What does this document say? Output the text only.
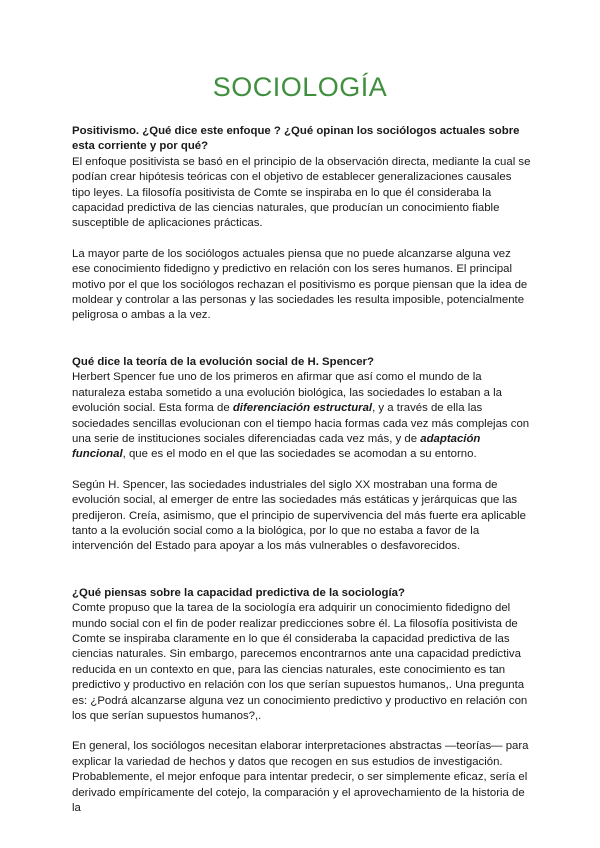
SOCIOLOGÍA

Positivismo. ¿Qué dice este enfoque ? ¿Qué opinan los sociólogos actuales sobre esta corriente y por qué?

El enfoque positivista se basó en el principio de la observación directa, mediante la cual se podían crear hipótesis teóricas con el objetivo de establecer generalizaciones causales tipo leyes. La filosofía positivista de Comte se inspiraba en lo que él consideraba la capacidad predictiva de las ciencias naturales, que producían un conocimiento fiable susceptible de aplicaciones prácticas.

La mayor parte de los sociólogos actuales piensa que no puede alcanzarse alguna vez ese conocimiento fidedigno y predictivo en relación con los seres humanos. El principal motivo por el que los sociólogos rechazan el positivismo es porque piensan que la idea de moldear y controlar a las personas y las sociedades les resulta imposible, potencialmente peligrosa o ambas a la vez.

Qué dice la teoría de la evolución social de H. Spencer?

Herbert Spencer fue uno de los primeros en afirmar que así como el mundo de la naturaleza estaba sometido a una evolución biológica, las sociedades lo estaban a la evolución social. Esta forma de diferenciación estructural, y a través de ella las sociedades sencillas evolucionan con el tiempo hacia formas cada vez más complejas con una serie de instituciones sociales diferenciadas cada vez más, y de adaptación funcional, que es el modo en el que las sociedades se acomodan a su entorno.

Según H. Spencer, las sociedades industriales del siglo XX mostraban una forma de evolución social, al emerger de entre las sociedades más estáticas y jerárquicas que las predijeron. Creía, asimismo, que el principio de supervivencia del más fuerte era aplicable tanto a la evolución social como a la biológica, por lo que no estaba a favor de la intervención del Estado para apoyar a los más vulnerables o desfavorecidos.

¿Qué piensas sobre la capacidad predictiva de la sociología?

Comte propuso que la tarea de la sociología era adquirir un conocimiento fidedigno del mundo social con el fin de poder realizar predicciones sobre él. La filosofía positivista de Comte se inspiraba claramente en lo que él consideraba la capacidad predictiva de las ciencias naturales. Sin embargo, parecemos encontrarnos ante una capacidad predictiva reducida en un contexto en que, para las ciencias naturales, este conocimiento es tan predictivo y productivo en relación con los que serían supuestos humanos,. Una pregunta es: ¿Podrá alcanzarse alguna vez un conocimiento predictivo y productivo en relación con los que serían supuestos humanos?,.

En general, los sociólogos necesitan elaborar interpretaciones abstractas —teorías— para explicar la variedad de hechos y datos que recogen en sus estudios de investigación. Probablemente, el mejor enfoque para intentar predecir, o ser simplemente eficaz, sería el derivado empíricamente del cotejo, la comparación y el aprovechamiento de la historia de la
